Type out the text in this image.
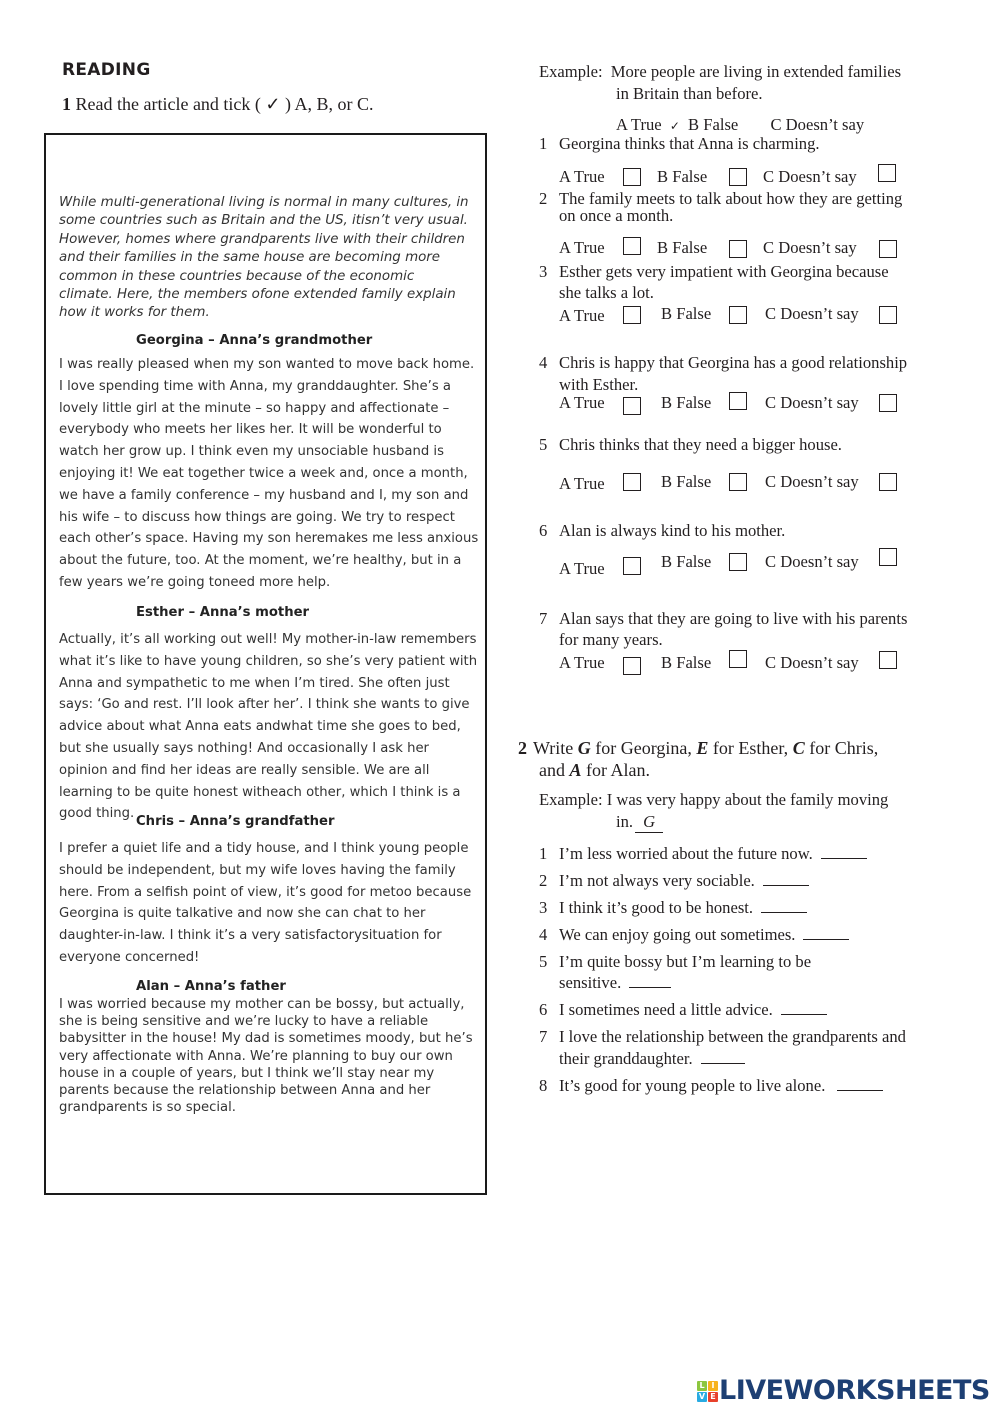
READING
1 Read the article and tick ( ✓ ) A, B, or C.
While multi-generational living is normal in many cultures, in some countries such as Britain and the US, itisn’t very usual. However, homes where grandparents live with their children and their families in the same house are becoming more common in these countries because of the economic climate. Here, the members ofone extended family explain how it works for them.
Georgina – Anna’s grandmother
I was really pleased when my son wanted to move back home. I love spending time with Anna, my granddaughter. She’s a lovely little girl at the minute – so happy and affectionate – everybody who meets her likes her. It will be wonderful to watch her grow up. I think even my unsociable husband is enjoying it! We eat together twice a week and, once a month, we have a family conference – my husband and I, my son and his wife – to discuss how things are going. We try to respect each other’s space. Having my son heremakes me less anxious about the future, too. At the moment, we’re healthy, but in a few years we’re going toneed more help.
Esther – Anna’s mother
Actually, it’s all working out well! My mother-in-law remembers what it’s like to have young children, so she’s very patient with Anna and sympathetic to me when I’m tired. She often just says: ‘Go and rest. I’ll look after her’. I think she wants to give advice about what Anna eats andwhat time she goes to bed, but she usually says nothing! And occasionally I ask her opinion and find her ideas are really sensible. We are all learning to be quite honest witheach other, which I think is a good thing.
Chris – Anna’s grandfather
I prefer a quiet life and a tidy house, and I think young people should be independent, but my wife loves having the family here. From a selfish point of view, it’s good for metoo because Georgina is quite talkative and now she can chat to her daughter-in-law. I think it’s a very satisfactorysituation for everyone concerned!
Alan – Anna’s father
I was worried because my mother can be bossy, but actually, she is being sensitive and we’re lucky to have a reliable babysitter in the house! My dad is sometimes moody, but he’s very affectionate with Anna. We’re planning to buy our own house in a couple of years, but I think we’ll stay near my parents because the relationship between Anna and her grandparents is so special.
Example: More people are living in extended families
in Britain than before.
A True ✓ B False C Doesn’t say
1 Georgina thinks that Anna is charming.
A True	B False	C Doesn’t say
2 The family meets to talk about how they are getting
on once a month.
A True	B False	C Doesn’t say
3 Esther gets very impatient with Georgina because
she talks a lot.
A True	B False	C Doesn’t say
4 Chris is happy that Georgina has a good relationship
with Esther.
A True	B False	C Doesn’t say
5 Chris thinks that they need a bigger house.
A True	B False	C Doesn’t say
6 Alan is always kind to his mother.
A True	B False	C Doesn’t say
7 Alan says that they are going to live with his parents
for many years.
A True	B False	C Doesn’t say
2 Write G for Georgina, E for Esther, C for Chris,
and A for Alan.
Example: I was very happy about the family moving
in. G
1 I’m less worried about the future now.
2 I’m not always very sociable.
3 I think it’s good to be honest.
4 We can enjoy going out sometimes.
5 I’m quite bossy but I’m learning to be
sensitive.
6 I sometimes need a little advice.
7 I love the relationship between the grandparents and
their granddaughter.
8 It’s good for young people to live alone.
L I
V E LIVEWORKSHEETS
